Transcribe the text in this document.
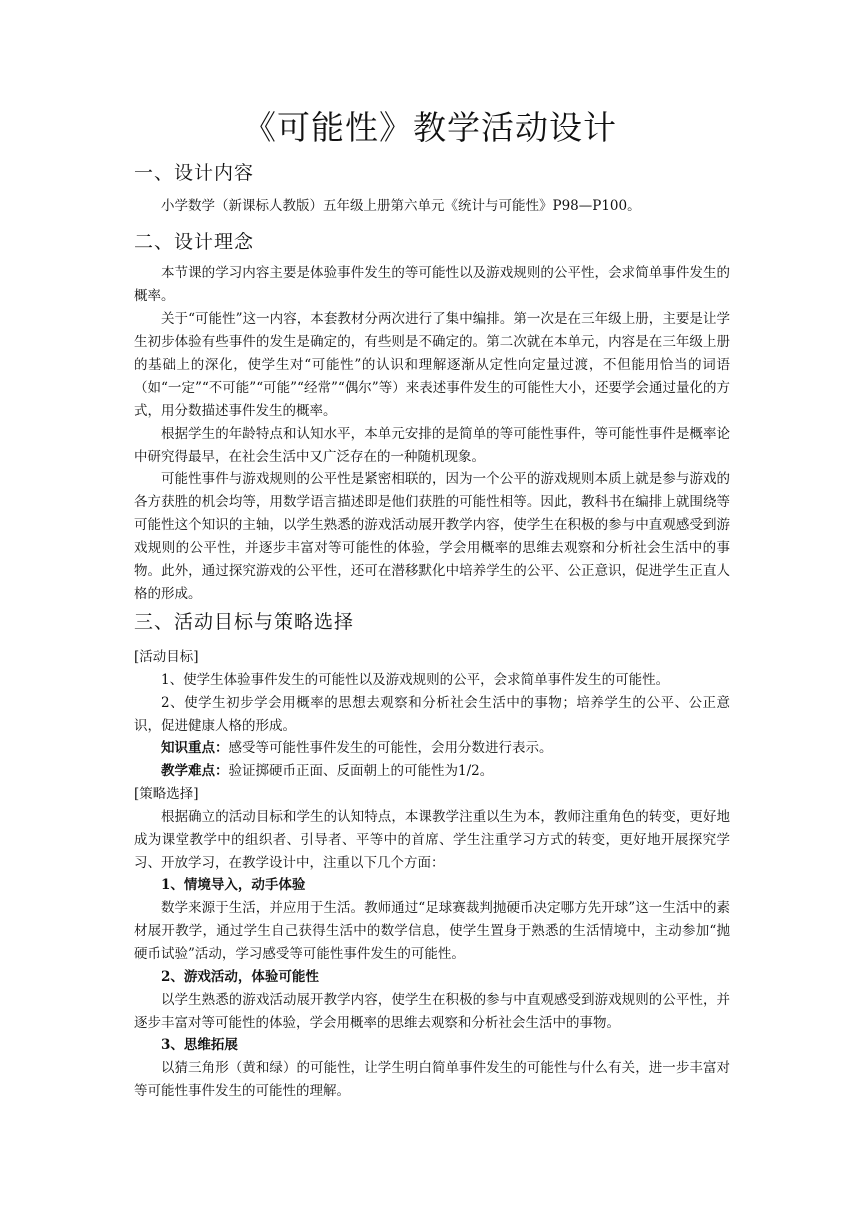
《可能性》教学活动设计
一、设计内容
小学数学（新课标人教版）五年级上册第六单元《统计与可能性》P98—P100。
二、设计理念
本节课的学习内容主要是体验事件发生的等可能性以及游戏规则的公平性，会求简单事件发生的概率。
关于“可能性”这一内容，本套教材分两次进行了集中编排。第一次是在三年级上册，主要是让学生初步体验有些事件的发生是确定的，有些则是不确定的。第二次就在本单元，内容是在三年级上册的基础上的深化，使学生对“可能性”的认识和理解逐渐从定性向定量过渡，不但能用恰当的词语（如“一定”“不可能”“可能”“经常”“偶尔”等）来表述事件发生的可能性大小，还要学会通过量化的方式，用分数描述事件发生的概率。
根据学生的年龄特点和认知水平，本单元安排的是简单的等可能性事件，等可能性事件是概率论中研究得最早，在社会生活中又广泛存在的一种随机现象。
可能性事件与游戏规则的公平性是紧密相联的，因为一个公平的游戏规则本质上就是参与游戏的各方获胜的机会均等，用数学语言描述即是他们获胜的可能性相等。因此，教科书在编排上就围绕等可能性这个知识的主轴，以学生熟悉的游戏活动展开教学内容，使学生在积极的参与中直观感受到游戏规则的公平性，并逐步丰富对等可能性的体验，学会用概率的思维去观察和分析社会生活中的事物。此外，通过探究游戏的公平性，还可在潜移默化中培养学生的公平、公正意识，促进学生正直人格的形成。
三、活动目标与策略选择
[活动目标]
1、使学生体验事件发生的可能性以及游戏规则的公平，会求简单事件发生的可能性。
2、使学生初步学会用概率的思想去观察和分析社会生活中的事物；培养学生的公平、公正意识，促进健康人格的形成。
知识重点：感受等可能性事件发生的可能性，会用分数进行表示。
教学难点：验证掷硬币正面、反面朝上的可能性为1/2。
[策略选择]
根据确立的活动目标和学生的认知特点，本课教学注重以生为本，教师注重角色的转变，更好地成为课堂教学中的组织者、引导者、平等中的首席、学生注重学习方式的转变，更好地开展探究学习、开放学习，在教学设计中，注重以下几个方面：
1、情境导入，动手体验
数学来源于生活，并应用于生活。教师通过“足球赛裁判抛硬币决定哪方先开球”这一生活中的素材展开教学，通过学生自己获得生活中的数学信息，使学生置身于熟悉的生活情境中，主动参加“抛硬币试验”活动，学习感受等可能性事件发生的可能性。
2、游戏活动，体验可能性
以学生熟悉的游戏活动展开教学内容，使学生在积极的参与中直观感受到游戏规则的公平性，并逐步丰富对等可能性的体验，学会用概率的思维去观察和分析社会生活中的事物。
3、思维拓展
以猜三角形（黄和绿）的可能性，让学生明白简单事件发生的可能性与什么有关，进一步丰富对等可能性事件发生的可能性的理解。
